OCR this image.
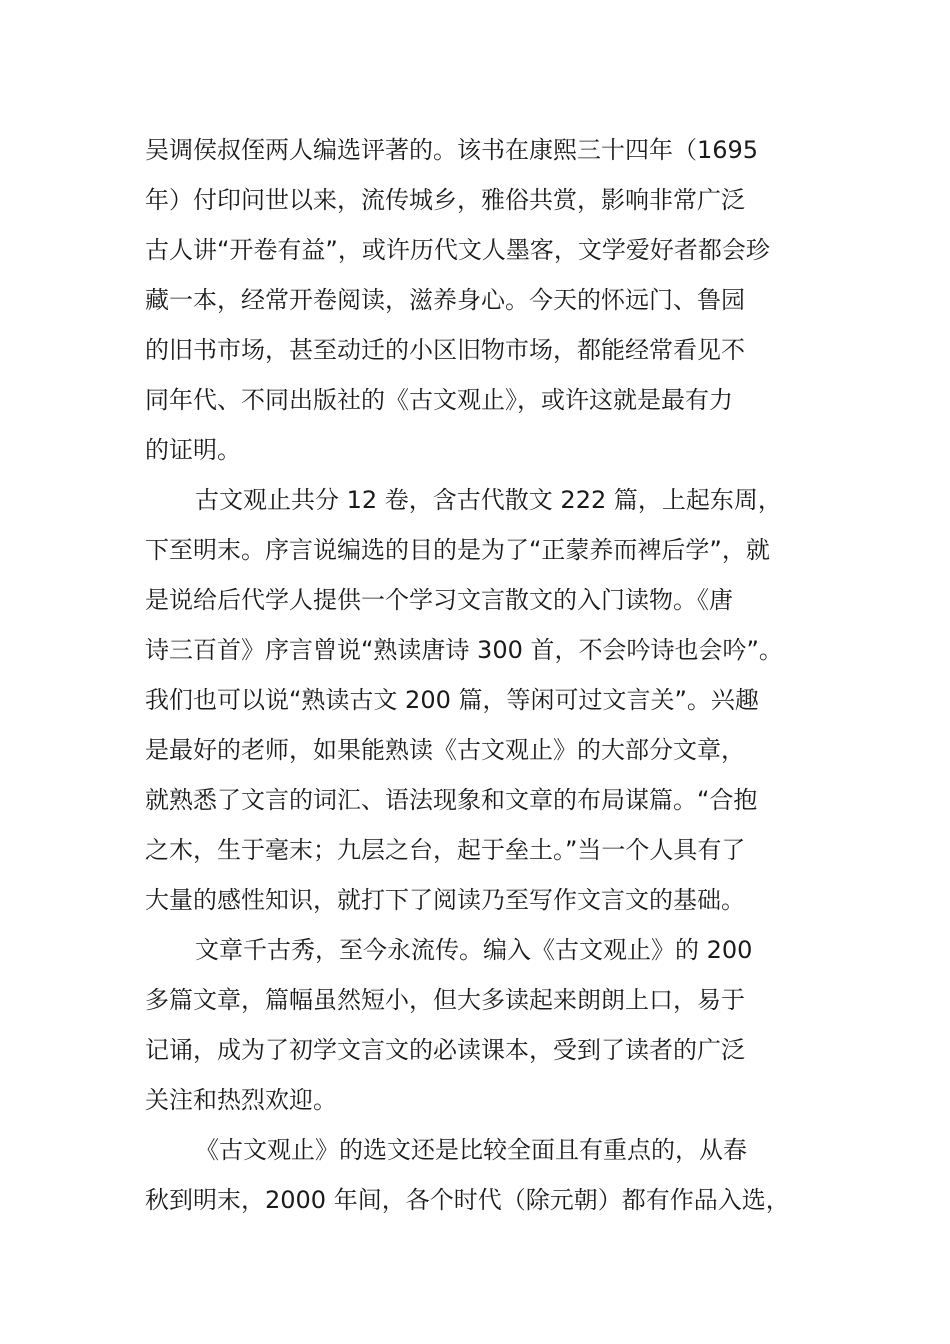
吴调侯叔侄两人编选评著的。该书在康熙三十四年（1695
年）付印问世以来，流传城乡，雅俗共赏，影响非常广泛
古人讲“开卷有益”，或许历代文人墨客，文学爱好者都会珍
藏一本，经常开卷阅读，滋养身心。今天的怀远门、鲁园
的旧书市场，甚至动迁的小区旧物市场，都能经常看见不
同年代、不同出版社的《古文观止》，或许这就是最有力
的证明。
古文观止共分 12 卷，含古代散文 222 篇，上起东周，
下至明末。序言说编选的目的是为了“正蒙养而裨后学”，就
是说给后代学人提供一个学习文言散文的入门读物。《唐
诗三百首》序言曾说“熟读唐诗 300 首，不会吟诗也会吟”。
我们也可以说“熟读古文 200 篇，等闲可过文言关”。兴趣
是最好的老师，如果能熟读《古文观止》的大部分文章，
就熟悉了文言的词汇、语法现象和文章的布局谋篇。“合抱
之木，生于毫末；九层之台，起于垒土。”当一个人具有了
大量的感性知识，就打下了阅读乃至写作文言文的基础。
文章千古秀，至今永流传。编入《古文观止》的 200
多篇文章，篇幅虽然短小，但大多读起来朗朗上口，易于
记诵，成为了初学文言文的必读课本，受到了读者的广泛
关注和热烈欢迎。
《古文观止》的选文还是比较全面且有重点的，从春
秋到明末，2000 年间，各个时代（除元朝）都有作品入选，
